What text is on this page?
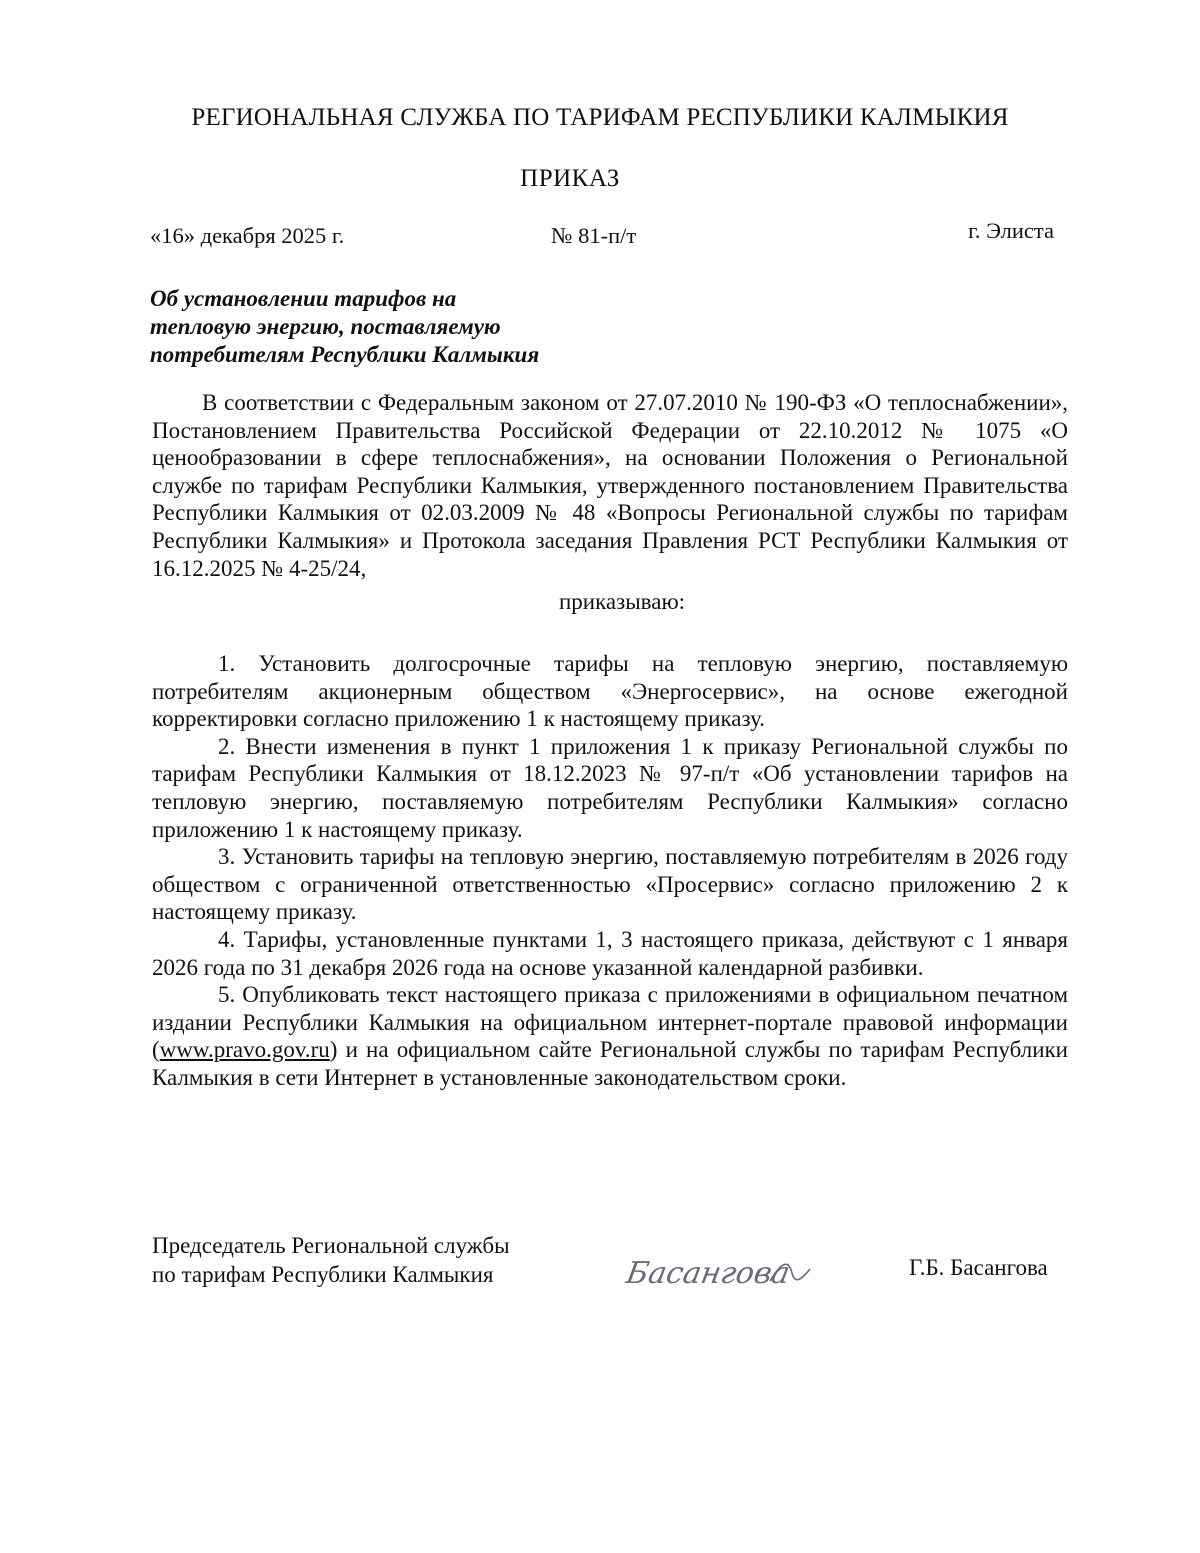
РЕГИОНАЛЬНАЯ СЛУЖБА ПО ТАРИФАМ РЕСПУБЛИКИ КАЛМЫКИЯ
ПРИКАЗ
«16» декабря 2025 г.	№ 81-п/т	г. Элиста
Об установлении тарифов на
тепловую энергию, поставляемую
потребителям Республики Калмыкия

В соответствии с Федеральным законом от 27.07.2010 № 190-ФЗ «О теплоснабжении», Постановлением Правительства Российской Федерации от 22.10.2012 № 1075 «О ценообразовании в сфере теплоснабжения», на основании Положения о Региональной службе по тарифам Республики Калмыкия, утвержденного постановлением Правительства Республики Калмыкия от 02.03.2009 № 48 «Вопросы Региональной службы по тарифам Республики Калмыкия» и Протокола заседания Правления РСТ Республики Калмыкия от 16.12.2025 № 4-25/24,

приказываю:

1. Установить долгосрочные тарифы на тепловую энергию, поставляемую потребителям акционерным обществом «Энергосервис», на основе ежегодной корректировки согласно приложению 1 к настоящему приказу.

2. Внести изменения в пункт 1 приложения 1 к приказу Региональной службы по тарифам Республики Калмыкия от 18.12.2023 № 97-п/т «Об установлении тарифов на тепловую энергию, поставляемую потребителям Республики Калмыкия» согласно приложению 1 к настоящему приказу.

3. Установить тарифы на тепловую энергию, поставляемую потребителям в 2026 году обществом с ограниченной ответственностью «Просервис» согласно приложению 2 к настоящему приказу.

4. Тарифы, установленные пунктами 1, 3 настоящего приказа, действуют с 1 января 2026 года по 31 декабря 2026 года на основе указанной календарной разбивки.

5. Опубликовать текст настоящего приказа с приложениями в официальном печатном издании Республики Калмыкия на официальном интернет-портале правовой информации (www.pravo.gov.ru) и на официальном сайте Региональной службы по тарифам Республики Калмыкия в сети Интернет в установленные законодательством сроки.

Председатель Региональной службы
по тарифам Республики Калмыкия	Басангова	Г.Б. Басангова
